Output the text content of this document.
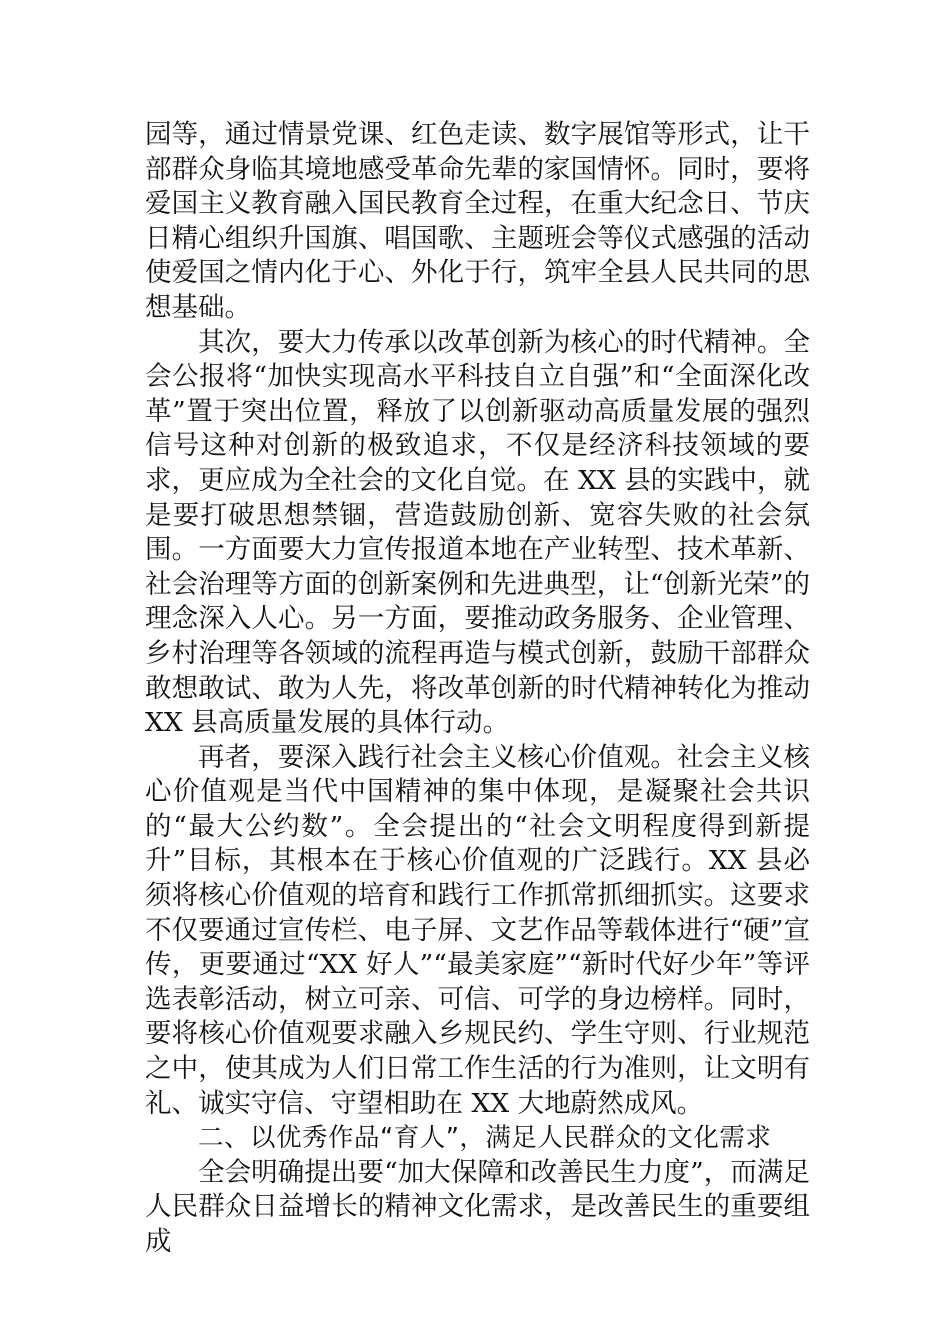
园等，通过情景党课、红色走读、数字展馆等形式，让干部群众身临其境地感受革命先辈的家国情怀。同时，要将爱国主义教育融入国民教育全过程，在重大纪念日、节庆日精心组织升国旗、唱国歌、主题班会等仪式感强的活动使爱国之情内化于心、外化于行，筑牢全县人民共同的思想基础。

其次，要大力传承以改革创新为核心的时代精神。全会公报将“加快实现高水平科技自立自强”和“全面深化改革”置于突出位置，释放了以创新驱动高质量发展的强烈信号这种对创新的极致追求，不仅是经济科技领域的要求，更应成为全社会的文化自觉。在 XX 县的实践中，就是要打破思想禁锢，营造鼓励创新、宽容失败的社会氛围。一方面要大力宣传报道本地在产业转型、技术革新、社会治理等方面的创新案例和先进典型，让“创新光荣”的理念深入人心。另一方面，要推动政务服务、企业管理、乡村治理等各领域的流程再造与模式创新，鼓励干部群众敢想敢试、敢为人先，将改革创新的时代精神转化为推动 XX 县高质量发展的具体行动。

再者，要深入践行社会主义核心价值观。社会主义核心价值观是当代中国精神的集中体现，是凝聚社会共识的“最大公约数”。全会提出的“社会文明程度得到新提升”目标，其根本在于核心价值观的广泛践行。XX 县必须将核心价值观的培育和践行工作抓常抓细抓实。这要求不仅要通过宣传栏、电子屏、文艺作品等载体进行“硬”宣传，更要通过“XX 好人”“最美家庭”“新时代好少年”等评选表彰活动，树立可亲、可信、可学的身边榜样。同时，要将核心价值观要求融入乡规民约、学生守则、行业规范之中，使其成为人们日常工作生活的行为准则，让文明有礼、诚实守信、守望相助在 XX 大地蔚然成风。

二、以优秀作品“育人”，满足人民群众的文化需求

全会明确提出要“加大保障和改善民生力度”，而满足人民群众日益增长的精神文化需求，是改善民生的重要组成
